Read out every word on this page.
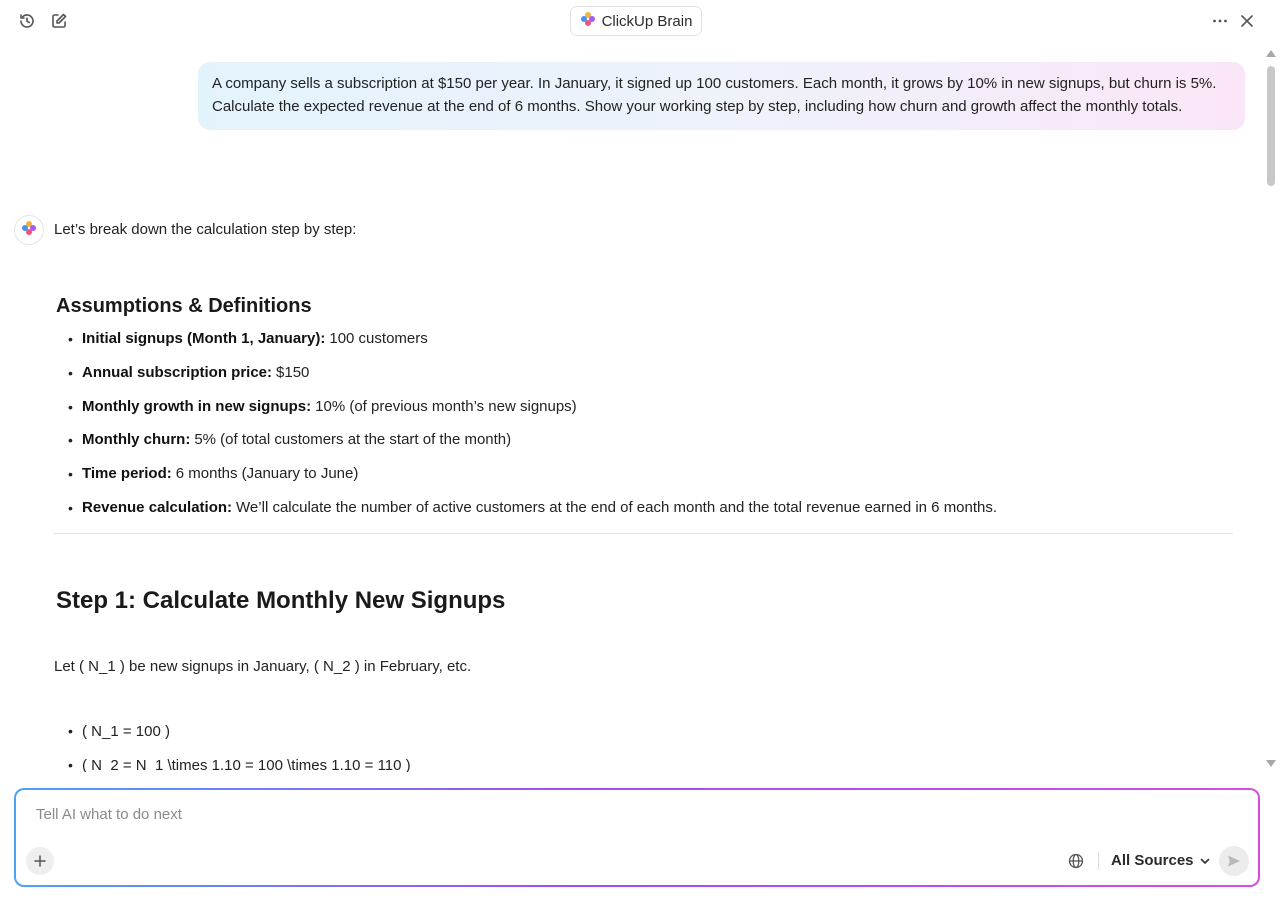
ClickUp Brain
A company sells a subscription at $150 per year. In January, it signed up 100 customers. Each month, it grows by 10% in new signups, but churn is 5%. Calculate the expected revenue at the end of 6 months. Show your working step by step, including how churn and growth affect the monthly totals.
Let’s break down the calculation step by step:
Assumptions & Definitions
• Initial signups (Month 1, January): 100 customers
• Annual subscription price: $150
• Monthly growth in new signups: 10% (of previous month’s new signups)
• Monthly churn: 5% (of total customers at the start of the month)
• Time period: 6 months (January to June)
• Revenue calculation: We’ll calculate the number of active customers at the end of each month and the total revenue earned in 6 months.
Step 1: Calculate Monthly New Signups
Let ( N_1 ) be new signups in January, ( N_2 ) in February, etc.
• ( N_1 = 100 )
• ( N_2 = N_1 \times 1.10 = 100 \times 1.10 = 110 )
Tell AI what to do next
All Sources
